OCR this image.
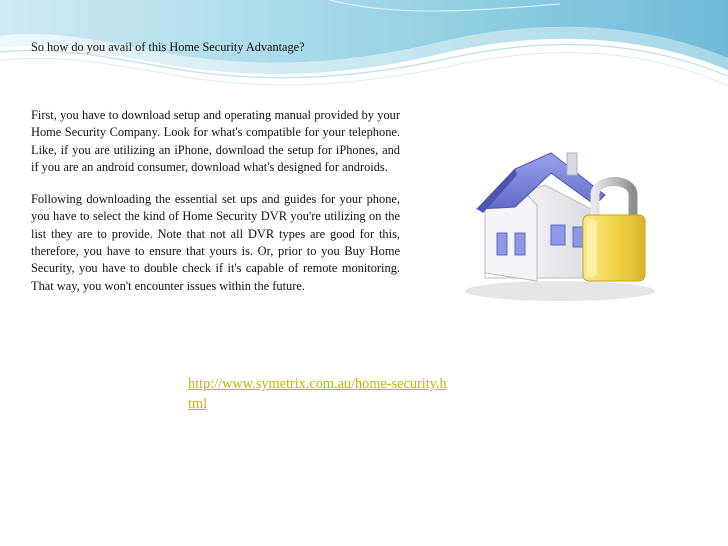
So how do you avail of this Home Security Advantage?

First, you have to download setup and operating manual provided by your Home Security Company. Look for what's compatible for your telephone. Like, if you are utilizing an iPhone, download the setup for iPhones, and if you are an android consumer, download what's designed for androids.

Following downloading the essential set ups and guides for your phone, you have to select the kind of Home Security DVR you're utilizing on the list they are to provide. Note that not all DVR types are good for this, therefore, you have to ensure that yours is. Or, prior to you Buy Home Security, you have to double check if it's capable of remote monitoring. That way, you won't encounter issues within the future.

http://www.symetrix.com.au/home-security.html
